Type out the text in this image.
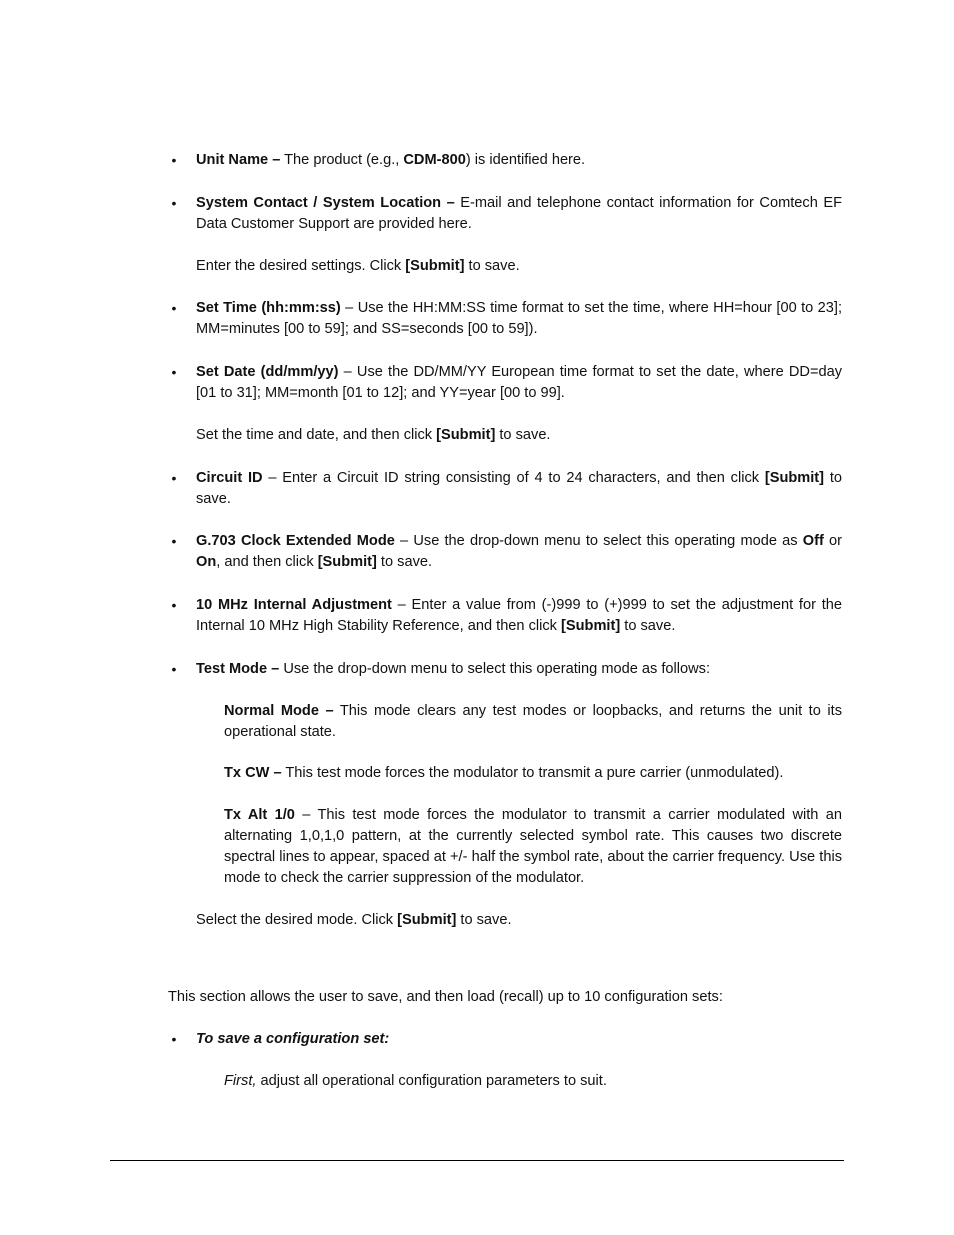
• Unit Name – The product (e.g., CDM-800) is identified here.

• System Contact / System Location – E-mail and telephone contact information for Comtech EF Data Customer Support are provided here.

Enter the desired settings. Click [Submit] to save.

• Set Time (hh:mm:ss) – Use the HH:MM:SS time format to set the time, where HH=hour [00 to 23]; MM=minutes [00 to 59]; and SS=seconds [00 to 59]).

• Set Date (dd/mm/yy) – Use the DD/MM/YY European time format to set the date, where DD=day [01 to 31]; MM=month [01 to 12]; and YY=year [00 to 99].

Set the time and date, and then click [Submit] to save.

• Circuit ID – Enter a Circuit ID string consisting of 4 to 24 characters, and then click [Submit] to save.

• G.703 Clock Extended Mode – Use the drop-down menu to select this operating mode as Off or On, and then click [Submit] to save.

• 10 MHz Internal Adjustment – Enter a value from (-)999 to (+)999 to set the adjustment for the Internal 10 MHz High Stability Reference, and then click [Submit] to save.

• Test Mode – Use the drop-down menu to select this operating mode as follows:

Normal Mode – This mode clears any test modes or loopbacks, and returns the unit to its operational state.

Tx CW – This test mode forces the modulator to transmit a pure carrier (unmodulated).

Tx Alt 1/0 – This test mode forces the modulator to transmit a carrier modulated with an alternating 1,0,1,0 pattern, at the currently selected symbol rate. This causes two discrete spectral lines to appear, spaced at +/- half the symbol rate, about the carrier frequency. Use this mode to check the carrier suppression of the modulator.

Select the desired mode. Click [Submit] to save.

This section allows the user to save, and then load (recall) up to 10 configuration sets:

• To save a configuration set:

First, adjust all operational configuration parameters to suit.
